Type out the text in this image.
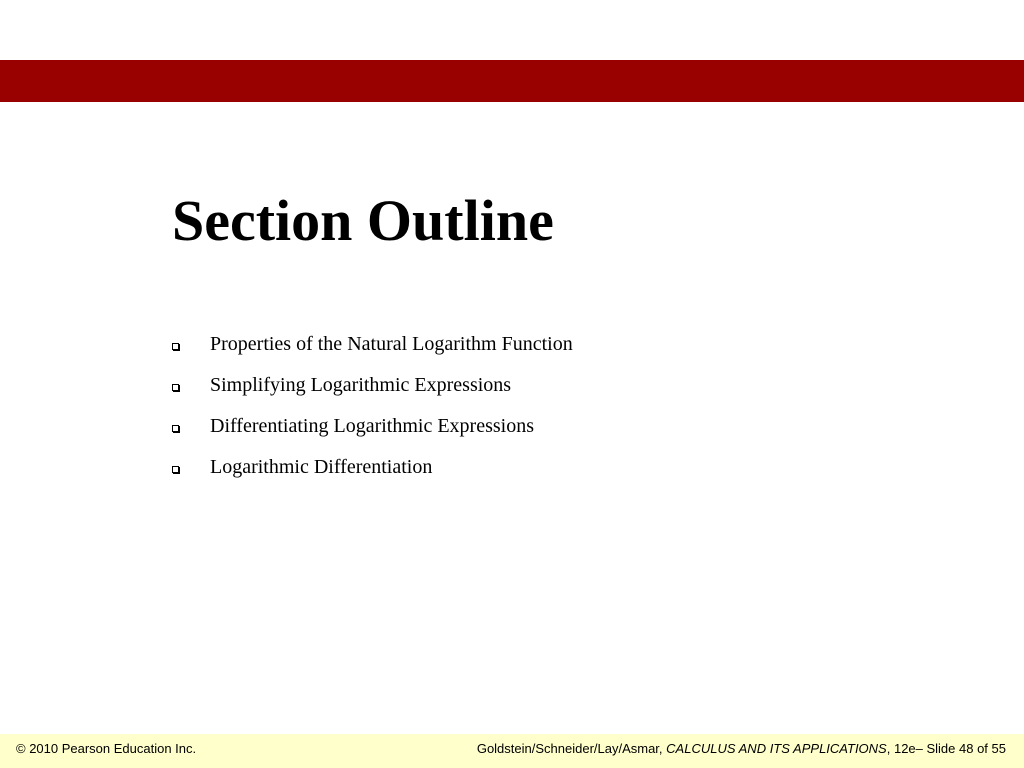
Section Outline
Properties of the Natural Logarithm Function
Simplifying Logarithmic Expressions
Differentiating Logarithmic Expressions
Logarithmic Differentiation
© 2010 Pearson Education Inc.	Goldstein/Schneider/Lay/Asmar, CALCULUS AND ITS APPLICATIONS, 12e– Slide 48 of 55
